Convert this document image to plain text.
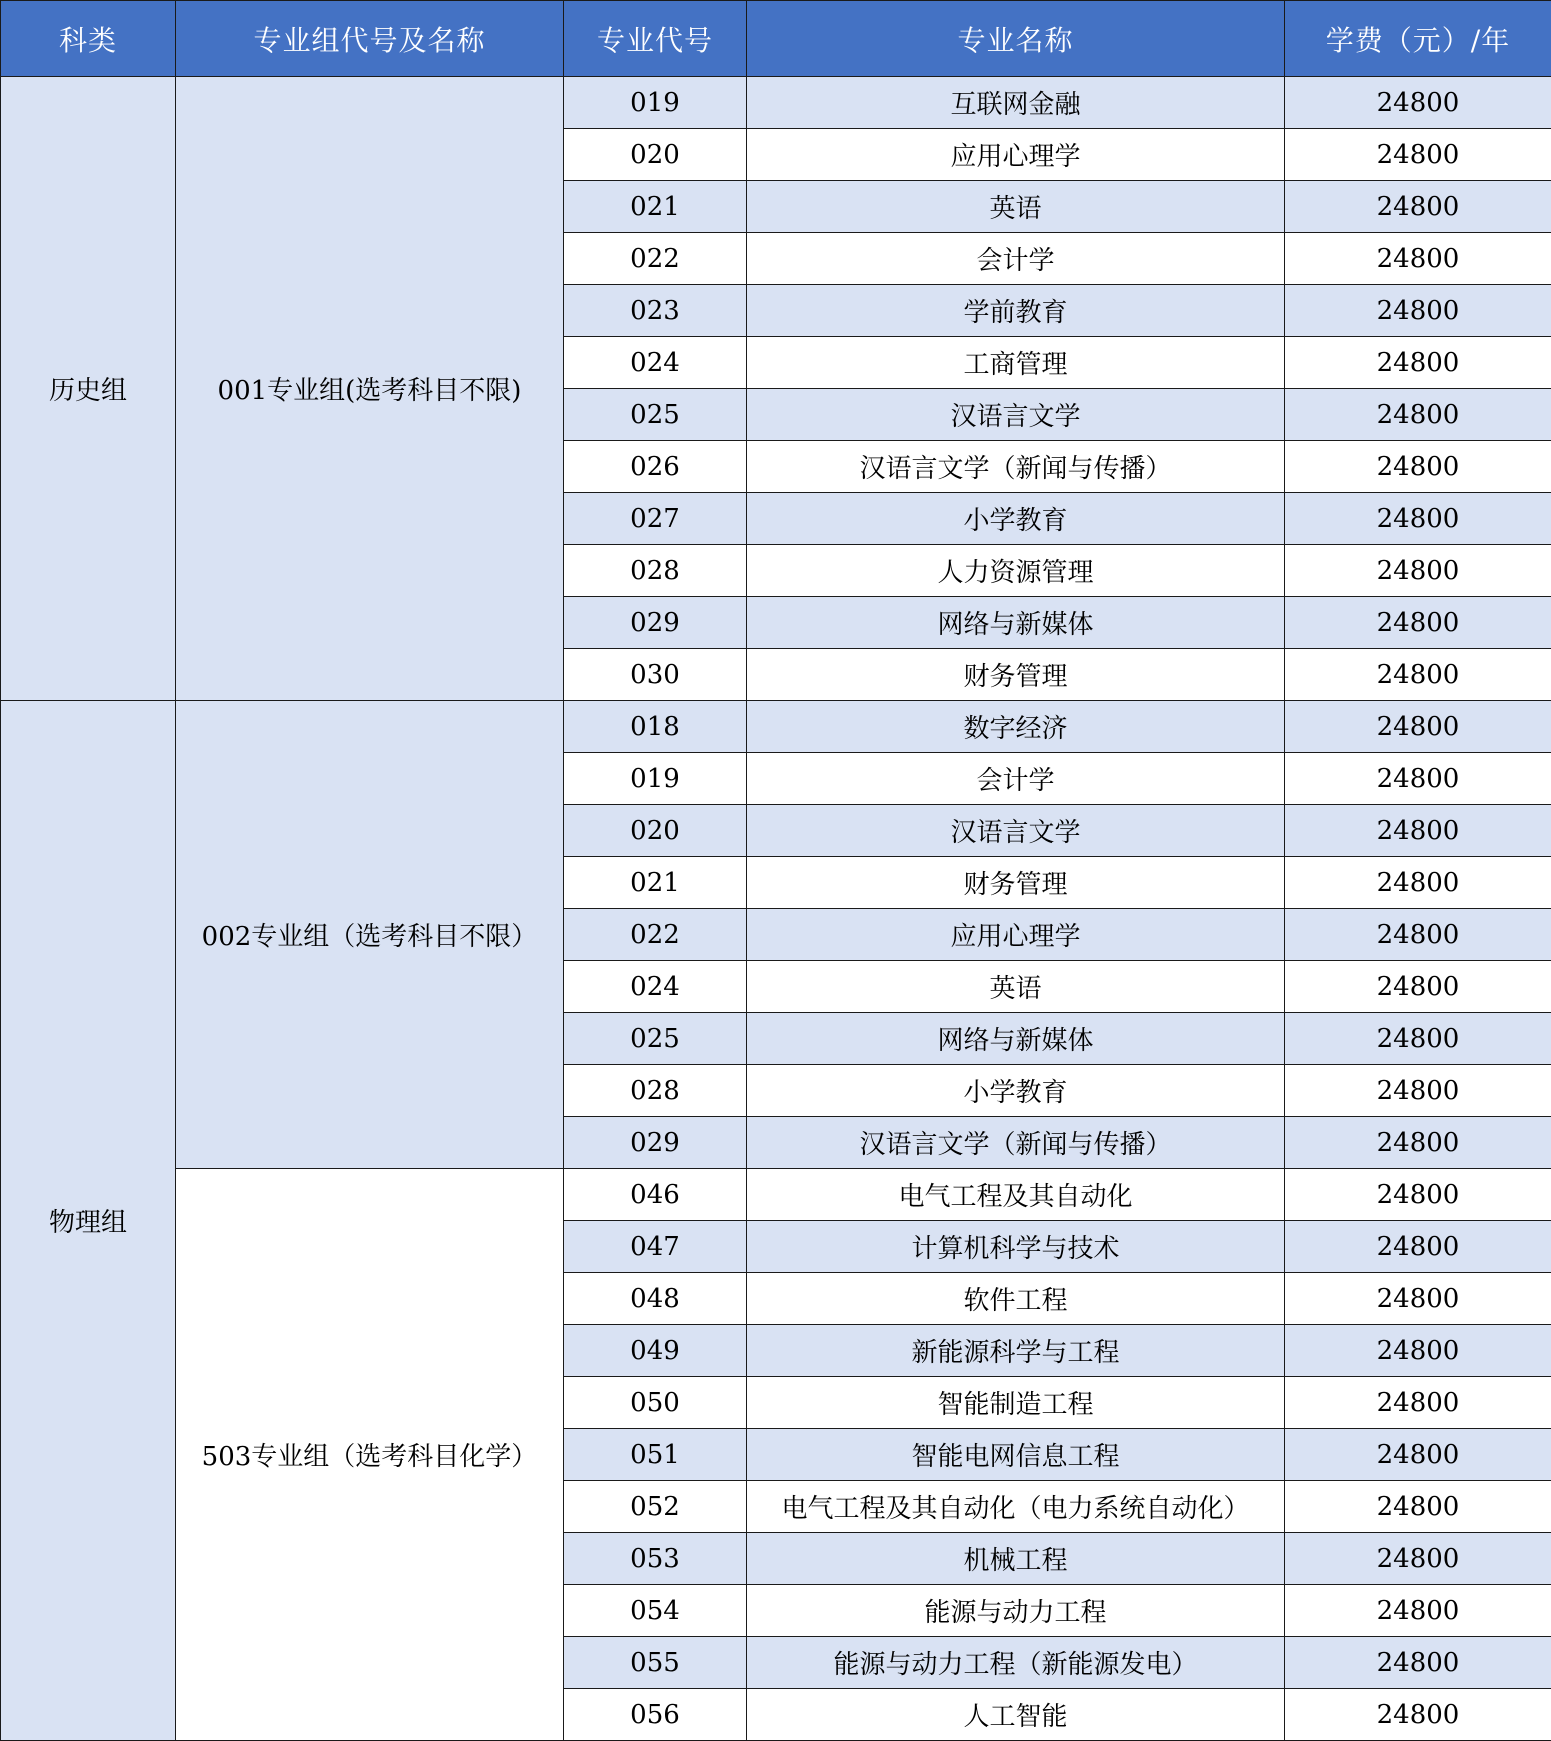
科类	专业组代号及名称	专业代号	专业名称	学费（元）/年
历史组	001专业组(选考科目不限)	019	互联网金融	24800
		020	应用心理学	24800
		021	英语	24800
		022	会计学	24800
		023	学前教育	24800
		024	工商管理	24800
		025	汉语言文学	24800
		026	汉语言文学（新闻与传播）	24800
		027	小学教育	24800
		028	人力资源管理	24800
		029	网络与新媒体	24800
		030	财务管理	24800
物理组	002专业组（选考科目不限）	018	数字经济	24800
		019	会计学	24800
		020	汉语言文学	24800
		021	财务管理	24800
		022	应用心理学	24800
		024	英语	24800
		025	网络与新媒体	24800
		028	小学教育	24800
		029	汉语言文学（新闻与传播）	24800
	503专业组（选考科目化学）	046	电气工程及其自动化	24800
		047	计算机科学与技术	24800
		048	软件工程	24800
		049	新能源科学与工程	24800
		050	智能制造工程	24800
		051	智能电网信息工程	24800
		052	电气工程及其自动化（电力系统自动化）	24800
		053	机械工程	24800
		054	能源与动力工程	24800
		055	能源与动力工程（新能源发电）	24800
		056	人工智能	24800
